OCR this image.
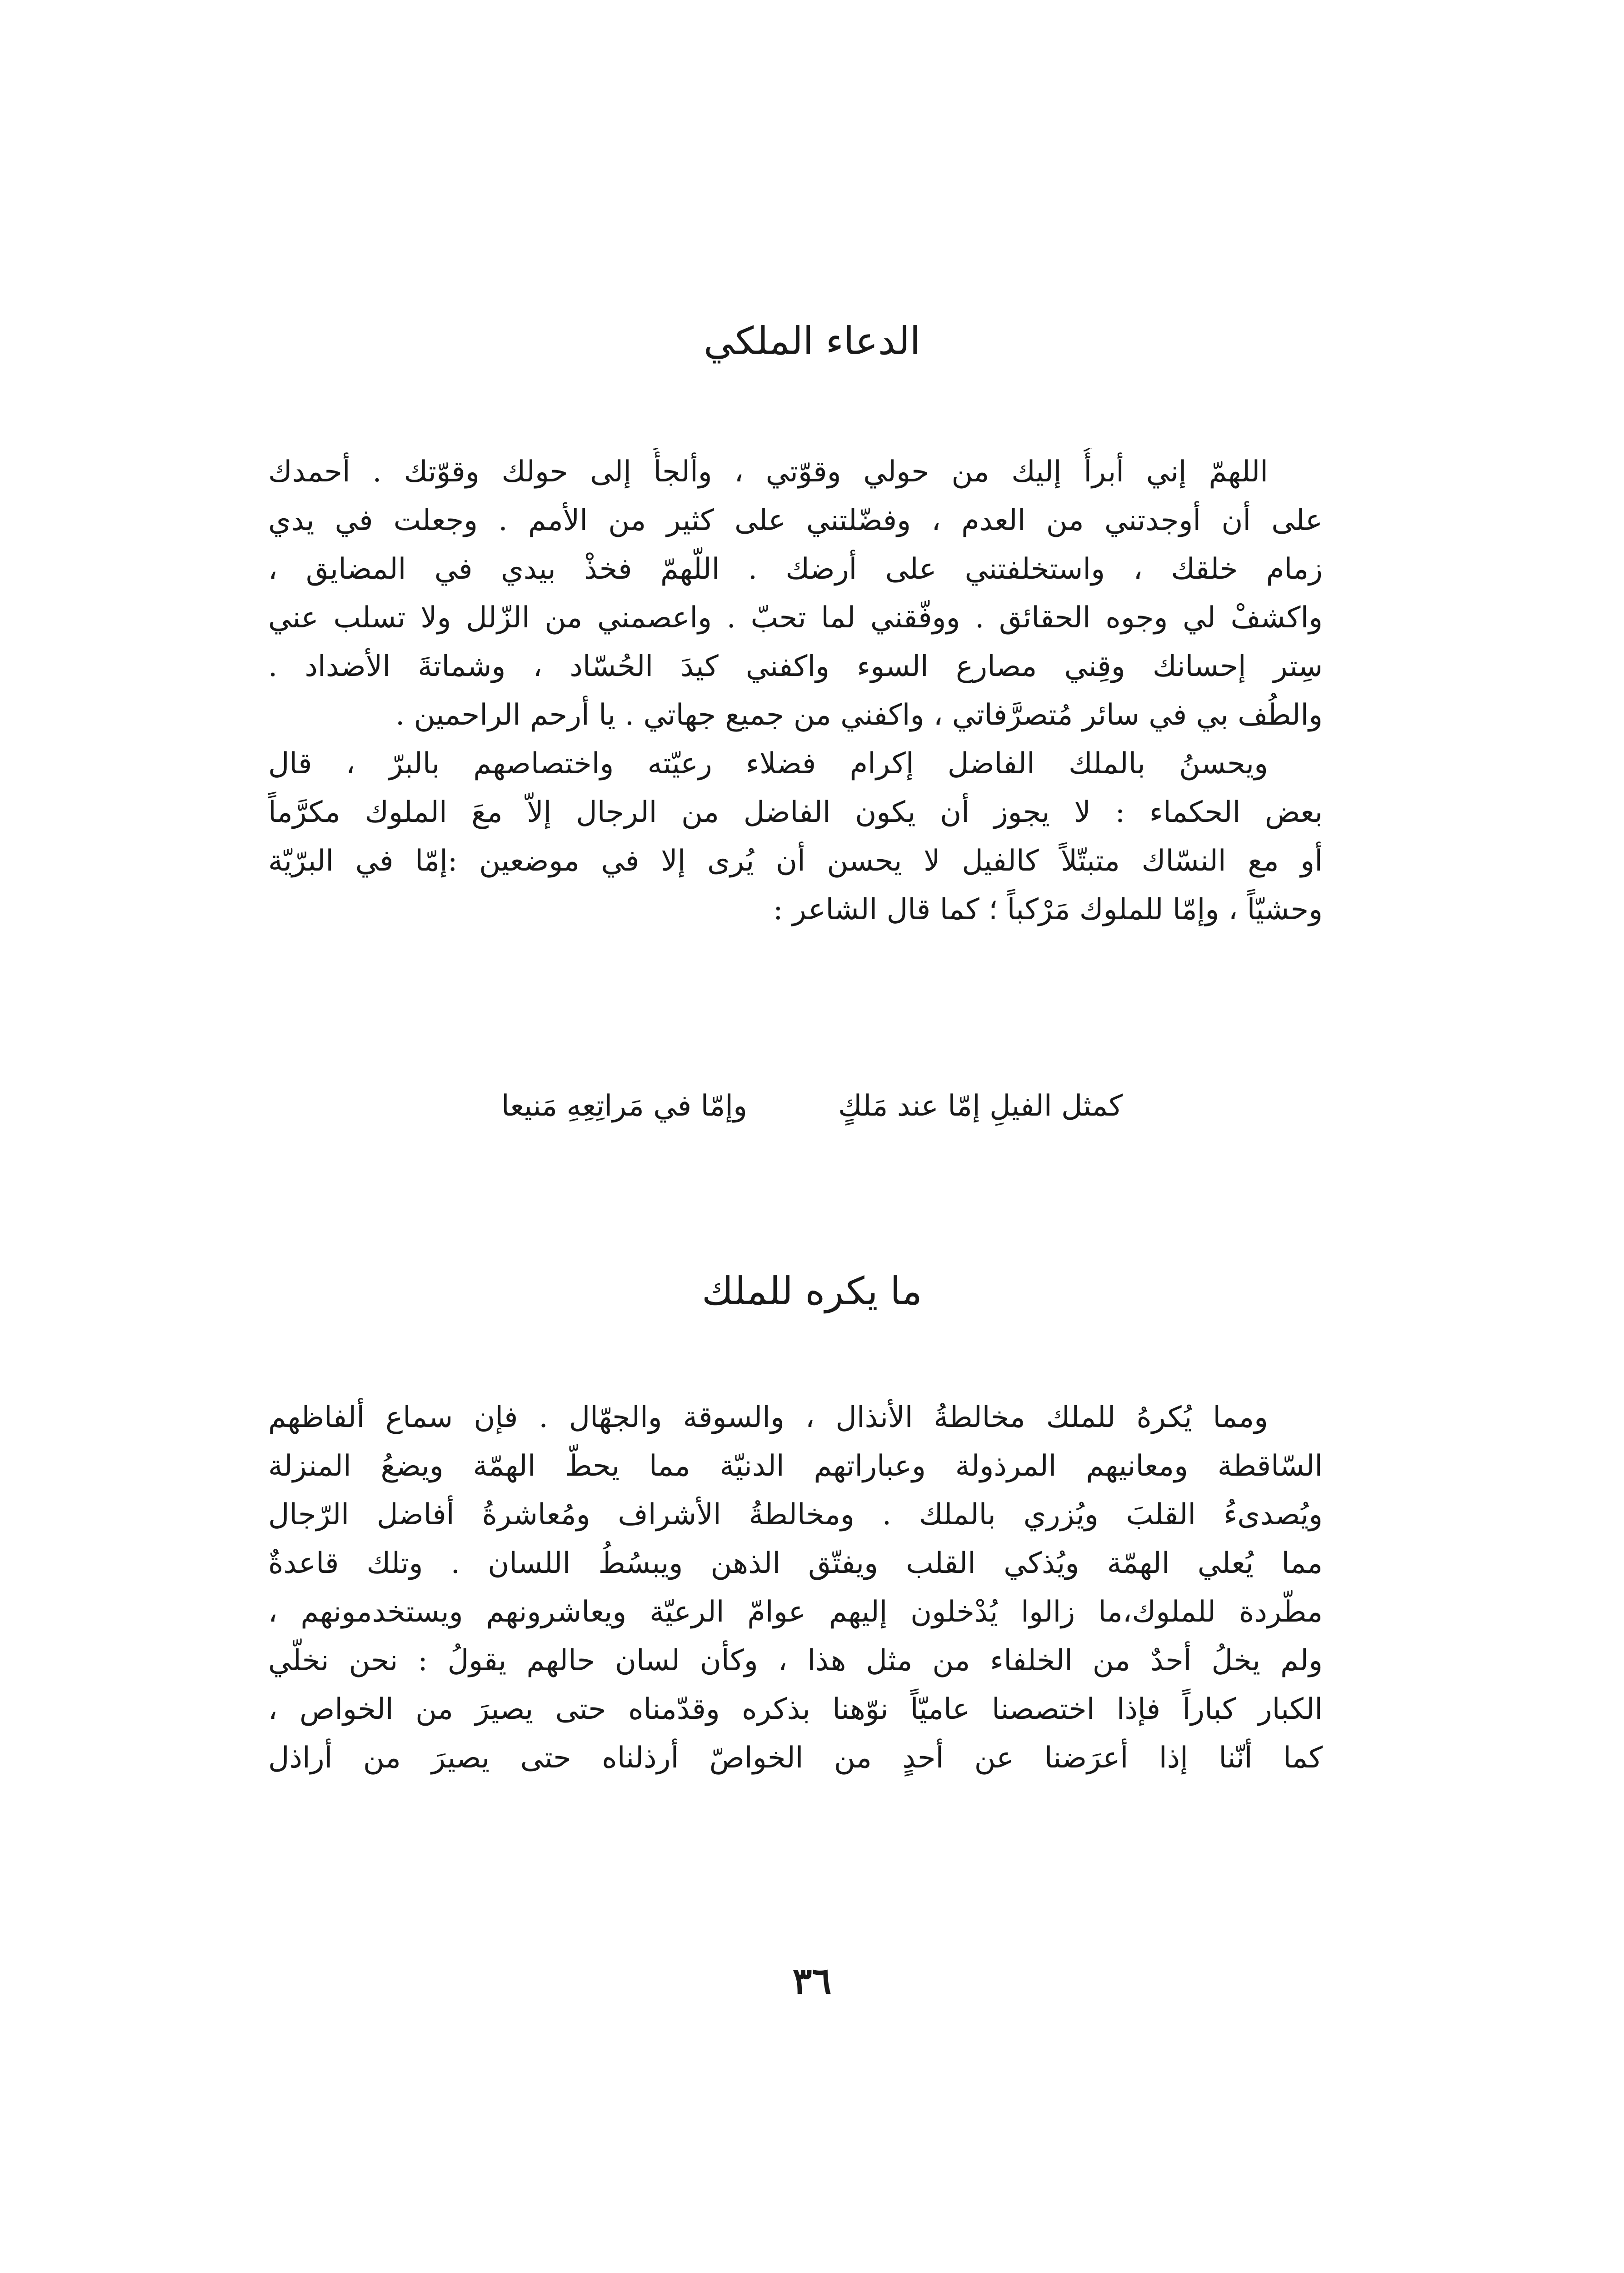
الدعاء الملكي
اللهمّ إني أبرأُ إليك من حولي وقوّتي ، وألجأُ إلى حولك وقوّتك . أحمدك
على أن أوجدتني من العدم ، وفضّلتني على كثير من الأمم . وجعلت في يدي
زمام خلقك ، واستخلفتني على أرضك . اللّهمّ فخذْ بيدي في المضايق ،
واكشفْ لي وجوه الحقائق . ووفّقني لما تحبّ . واعصمني من الزّلل ولا تسلب عني
سِتر إحسانك وقِني مصارع السوء واكفني كيدَ الحُسّاد ، وشماتةَ الأضداد .
والطُف بي في سائر مُتصرَّفاتي ، واكفني من جميع جهاتي . يا أرحم الراحمين .
ويحسنُ بالملك الفاضل إكرام فضلاء رعيّته واختصاصهم بالبرّ ، قال
بعض الحكماء : لا يجوز أن يكون الفاضل من الرجال إلاّ معَ الملوك مكرَّماً
أو مع النسّاك متبتّلاً كالفيل لا يحسن أن يُرى إلا في موضعين :إمّا في البرّيّة
وحشيّاً ، وإمّا للملوك مَرْكباً ؛ كما قال الشاعر :
كمثل الفيلِ إمّا عند مَلكٍ
وإمّا في مَراتِعِهِ مَنيعا
ما يكره للملك
ومما يُكرهُ للملك مخالطةُ الأنذال ، والسوقة والجهّال . فإن سماع ألفاظهم
السّاقطة ومعانيهم المرذولة وعباراتهم الدنيّة مما يحطّ الهمّة ويضعُ المنزلة
ويُصدىءُ القلبَ ويُزري بالملك . ومخالطةُ الأشراف ومُعاشرةُ أفاضل الرّجال
مما يُعلي الهمّة ويُذكي القلب ويفتّق الذهن ويبسُطُ اللسان . وتلك قاعدةٌ
مطّردة للملوك،ما زالوا يُدْخلون إليهم عوامّ الرعيّة ويعاشرونهم ويستخدمونهم ،
ولم يخلُ أحدٌ من الخلفاء من مثل هذا ، وكأن لسان حالهم يقولُ : نحن نخلّي
الكبار كباراً فإذا اختصصنا عاميّاً نوّهنا بذكره وقدّمناه حتى يصيرَ من الخواص ،
كما أنّنا إذا أعرَضنا عن أحدٍ من الخواصّ أرذلناه حتى يصيرَ من أراذل
٣٦
